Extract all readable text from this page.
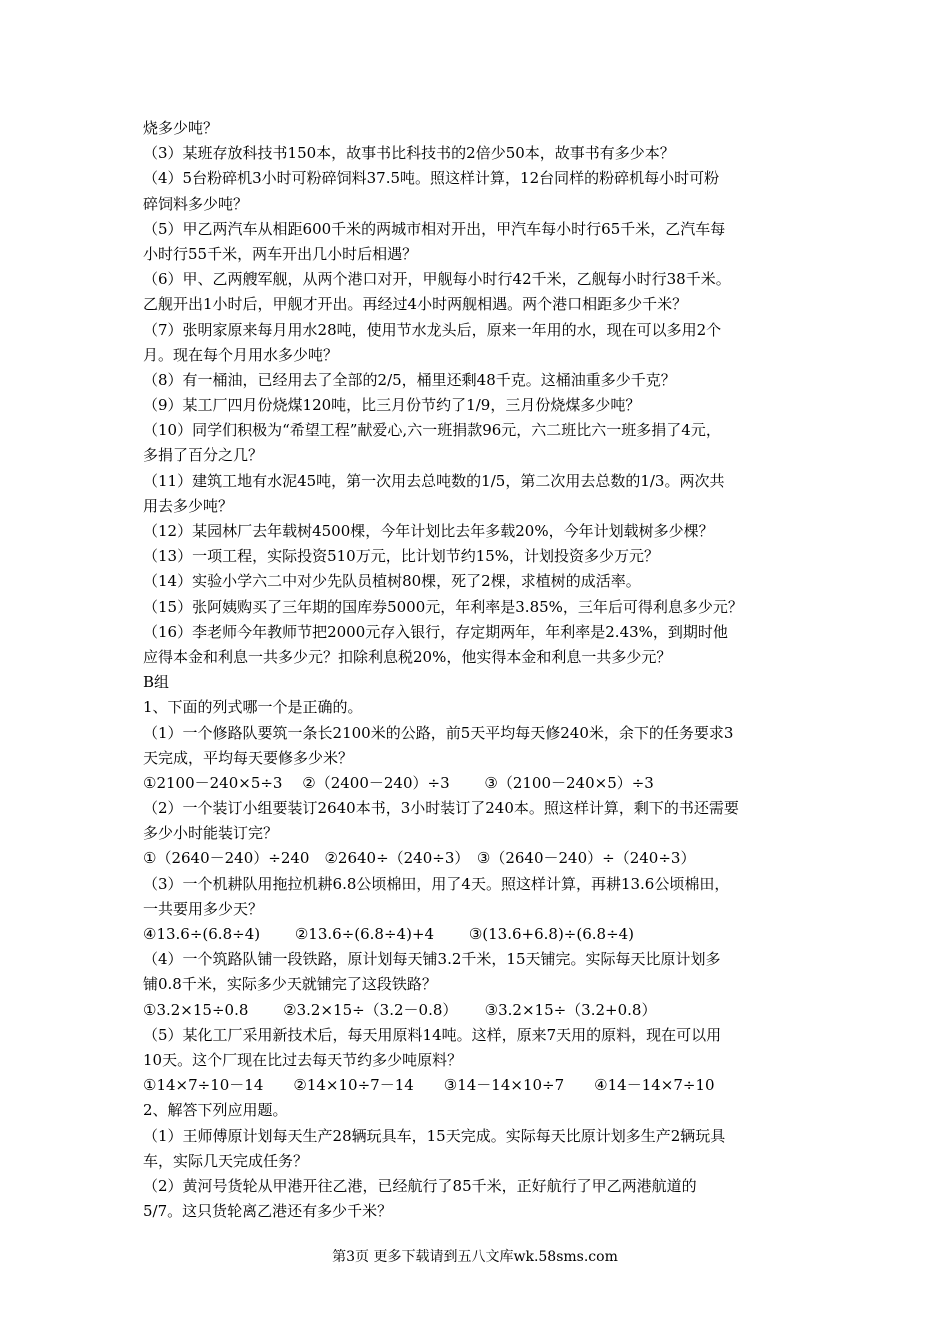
烧多少吨？
（3）某班存放科技书150本，故事书比科技书的2倍少50本，故事书有多少本？
（4）5台粉碎机3小时可粉碎饲料37.5吨。照这样计算，12台同样的粉碎机每小时可粉
碎饲料多少吨？
（5）甲乙两汽车从相距600千米的两城市相对开出，甲汽车每小时行65千米，乙汽车每
小时行55千米，两车开出几小时后相遇？
（6）甲、乙两艘军舰，从两个港口对开，甲舰每小时行42千米，乙舰每小时行38千米。
乙舰开出1小时后，甲舰才开出。再经过4小时两舰相遇。两个港口相距多少千米？
（7）张明家原来每月用水28吨，使用节水龙头后，原来一年用的水，现在可以多用2个
月。现在每个月用水多少吨？
（8）有一桶油，已经用去了全部的2/5，桶里还剩48千克。这桶油重多少千克？
（9）某工厂四月份烧煤120吨，比三月份节约了1/9，三月份烧煤多少吨？
（10）同学们积极为“希望工程”献爱心,六一班捐款96元，六二班比六一班多捐了4元，
多捐了百分之几？
（11）建筑工地有水泥45吨，第一次用去总吨数的1/5，第二次用去总数的1/3。两次共
用去多少吨？
（12）某园林厂去年载树4500棵，今年计划比去年多载20%，今年计划载树多少棵？
（13）一项工程，实际投资510万元，比计划节约15%，计划投资多少万元？
（14）实验小学六二中对少先队员植树80棵，死了2棵，求植树的成活率。
（15）张阿姨购买了三年期的国库券5000元，年利率是3.85%，三年后可得利息多少元？
（16）李老师今年教师节把2000元存入银行，存定期两年，年利率是2.43%，到期时他
应得本金和利息一共多少元？扣除利息税20%，他实得本金和利息一共多少元？
B组
1、下面的列式哪一个是正确的。
（1）一个修路队要筑一条长2100米的公路，前5天平均每天修240米，余下的任务要求3
天完成，平均每天要修多少米？
①2100－240×5÷3　 ②（2400－240）÷3　 　③（2100－240×5）÷3
（2）一个装订小组要装订2640本书，3小时装订了240本。照这样计算，剩下的书还需要
多少小时能装订完？
①（2640－240）÷240　②2640÷（240÷3）　③（2640－240）÷（240÷3）
（3）一个机耕队用拖拉机耕6.8公顷棉田，用了4天。照这样计算，再耕13.6公顷棉田，
一共要用多少天？
④13.6÷(6.8÷4)　　 ②13.6÷(6.8÷4)+4　　 ③(13.6+6.8)÷(6.8÷4)
（4）一个筑路队铺一段铁路，原计划每天铺3.2千米，15天铺完。实际每天比原计划多
铺0.8千米，实际多少天就铺完了这段铁路？
①3.2×15÷0.8　 　②3.2×15÷（3.2－0.8）　 　③3.2×15÷（3.2+0.8）
（5）某化工厂采用新技术后，每天用原料14吨。这样，原来7天用的原料，现在可以用
10天。这个厂现在比过去每天节约多少吨原料？
①14×7÷10－14　　②14×10÷7－14　　③14－14×10÷7　　④14－14×7÷10
2、解答下列应用题。
（1）王师傅原计划每天生产28辆玩具车，15天完成。实际每天比原计划多生产2辆玩具
车，实际几天完成任务？
（2）黄河号货轮从甲港开往乙港，已经航行了85千米，正好航行了甲乙两港航道的
5/7。这只货轮离乙港还有多少千米？
第3页 更多下载请到五八文库wk.58sms.com
